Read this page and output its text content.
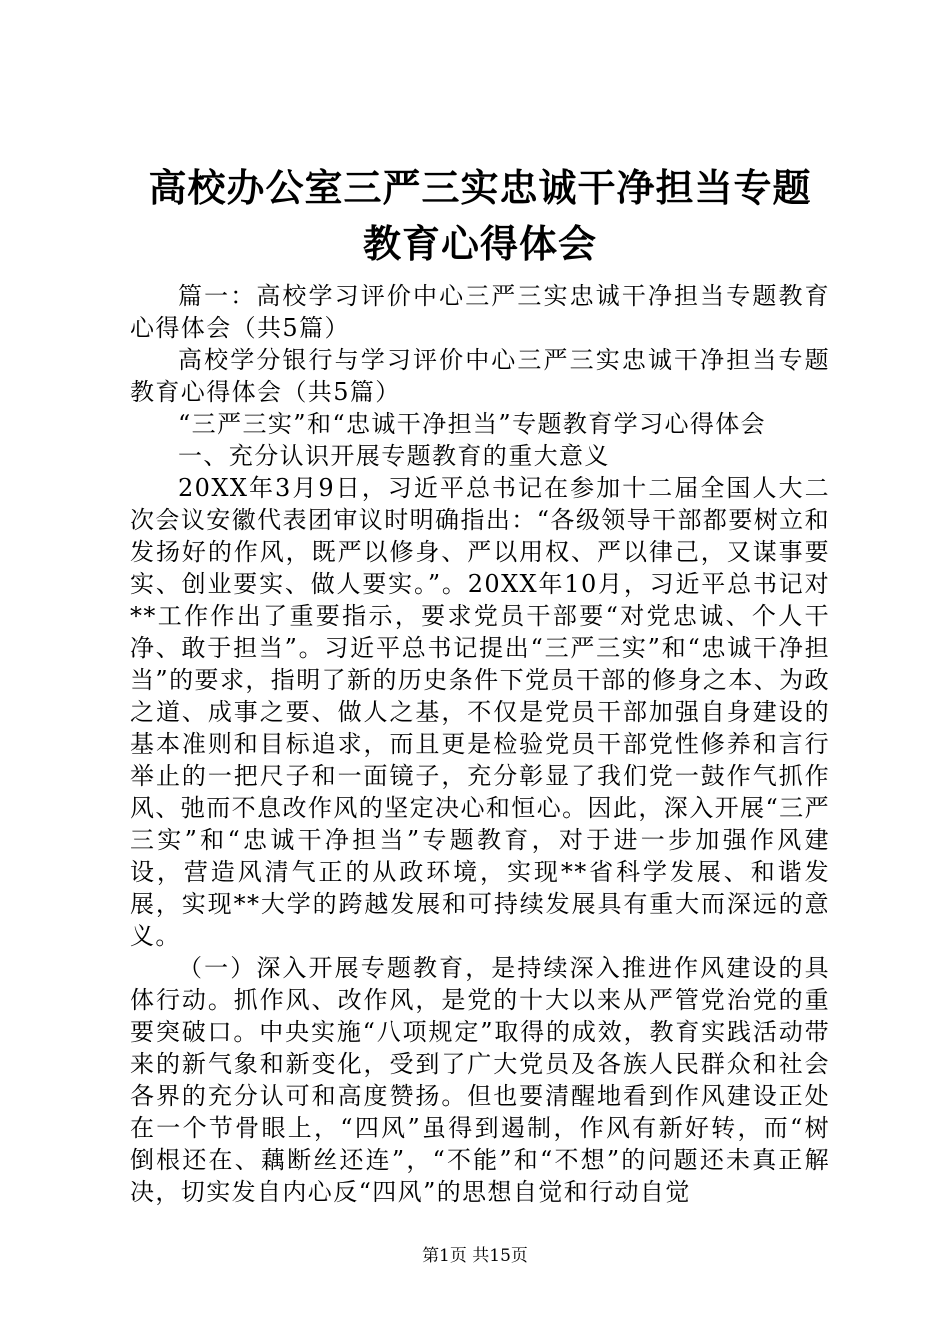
高校办公室三严三实忠诚干净担当专题教育心得体会

篇一：高校学习评价中心三严三实忠诚干净担当专题教育心得体会（共5篇）

高校学分银行与学习评价中心三严三实忠诚干净担当专题教育心得体会（共5篇）

“三严三实”和“忠诚干净担当”专题教育学习心得体会

一、充分认识开展专题教育的重大意义

20XX年3月9日，习近平总书记在参加十二届全国人大二次会议安徽代表团审议时明确指出：“各级领导干部都要树立和发扬好的作风，既严以修身、严以用权、严以律己，又谋事要实、创业要实、做人要实。”。20XX年10月，习近平总书记对**工作作出了重要指示，要求党员干部要“对党忠诚、个人干净、敢于担当”。习近平总书记提出“三严三实”和“忠诚干净担当”的要求，指明了新的历史条件下党员干部的修身之本、为政之道、成事之要、做人之基，不仅是党员干部加强自身建设的基本准则和目标追求，而且更是检验党员干部党性修养和言行举止的一把尺子和一面镜子，充分彰显了我们党一鼓作气抓作风、弛而不息改作风的坚定决心和恒心。因此，深入开展“三严三实”和“忠诚干净担当”专题教育，对于进一步加强作风建设，营造风清气正的从政环境，实现**省科学发展、和谐发展，实现**大学的跨越发展和可持续发展具有重大而深远的意义。

（一）深入开展专题教育，是持续深入推进作风建设的具体行动。抓作风、改作风，是党的十大以来从严管党治党的重要突破口。中央实施“八项规定”取得的成效，教育实践活动带来的新气象和新变化，受到了广大党员及各族人民群众和社会各界的充分认可和高度赞扬。但也要清醒地看到作风建设正处在一个节骨眼上，“四风”虽得到遏制，作风有新好转，而“树倒根还在、藕断丝还连”，“不能”和“不想”的问题还未真正解决，切实发自内心反“四风”的思想自觉和行动自觉

第1页 共15页
